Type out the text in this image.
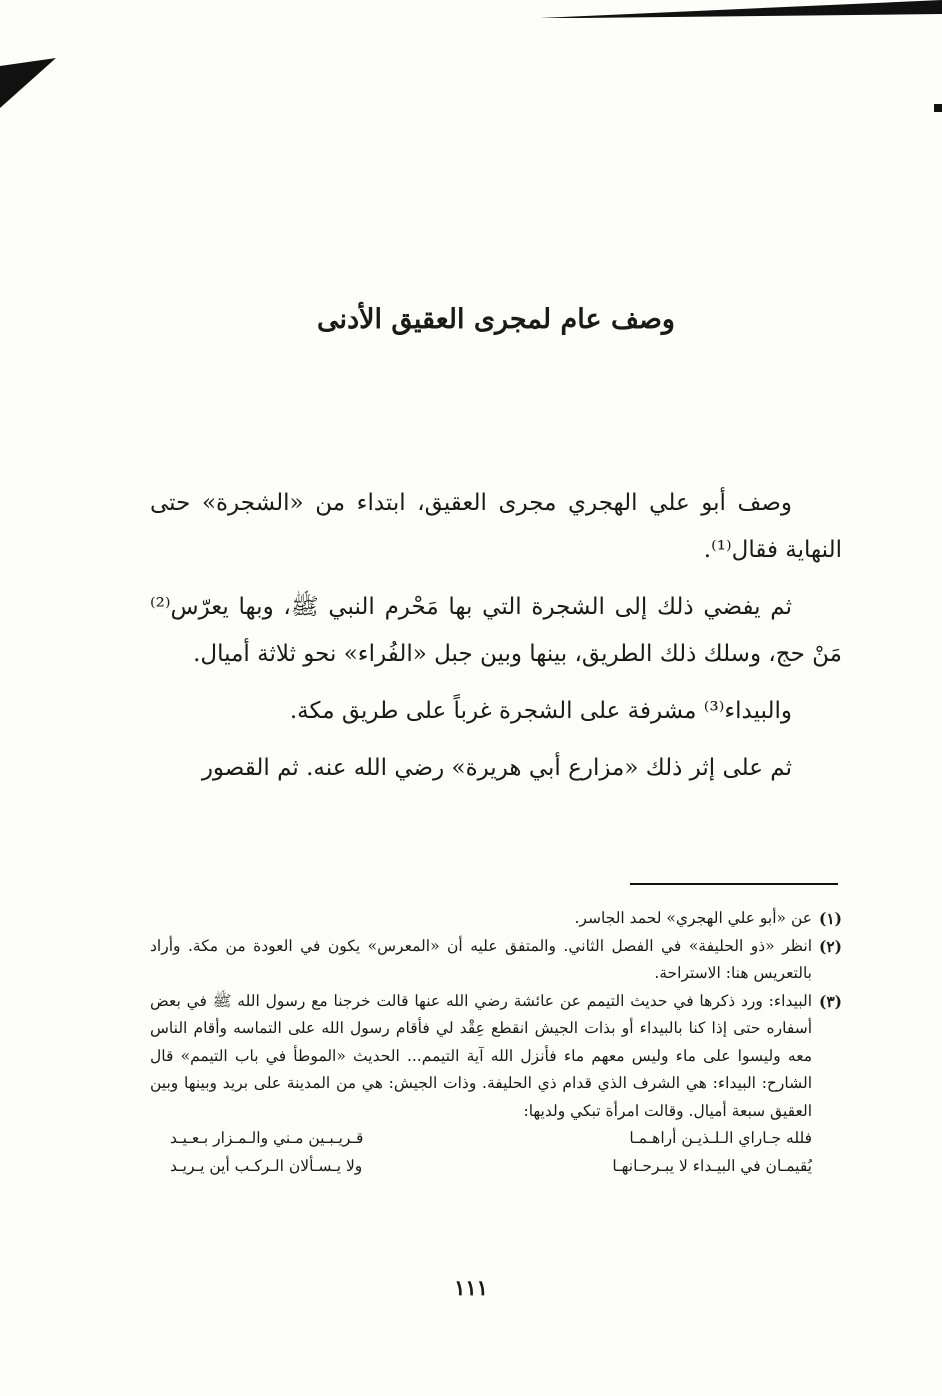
وصف عام لمجرى العقيق الأدنى

وصف أبو علي الهجري مجرى العقيق، ابتداء من «الشجرة» حتى النهاية فقال⁽¹⁾.

ثم يفضي ذلك إلى الشجرة التي بها مَحْرم النبي ﷺ، وبها يعرّس⁽²⁾ مَنْ حج، وسلك ذلك الطريق، بينها وبين جبل «الفُراء» نحو ثلاثة أميال.

والبيداء⁽³⁾ مشرفة على الشجرة غرباً على طريق مكة.

ثم على إثر ذلك «مزارع أبي هريرة» رضي الله عنه. ثم القصور

(١)
عن «أبو علي الهجري» لحمد الجاسر.
(٢)
انظر «ذو الحليفة» في الفصل الثاني. والمتفق عليه أن «المعرس» يكون في العودة من مكة. وأراد بالتعريس هنا: الاستراحة.
(٣)
البيداء: ورد ذكرها في حديث التيمم عن عائشة رضي الله عنها قالت خرجنا مع رسول الله ﷺ في بعض أسفاره حتى إذا كنا بالبيداء أو بذات الجيش انقطع عِقْد لي فأقام رسول الله على التماسه وأقام الناس معه وليسوا على ماء وليس معهم ماء فأنزل الله آية التيمم... الحديث «الموطأ في باب التيمم» قال الشارح: البيداء: هي الشرف الذي قدام ذي الحليفة. وذات الجيش: هي من المدينة على بريد وبينها وبين العقيق سبعة أميال. وقالت امرأة تبكي ولديها:
فلله جـاراي الـلـذيـن أراهـمـا
قـريـبـين مـني والـمـزار بـعـيـد
يُقيمـان في البيـداء لا يبـرحـانهـا
ولا يـسـألان الـركـب أين يـريـد
١١١
